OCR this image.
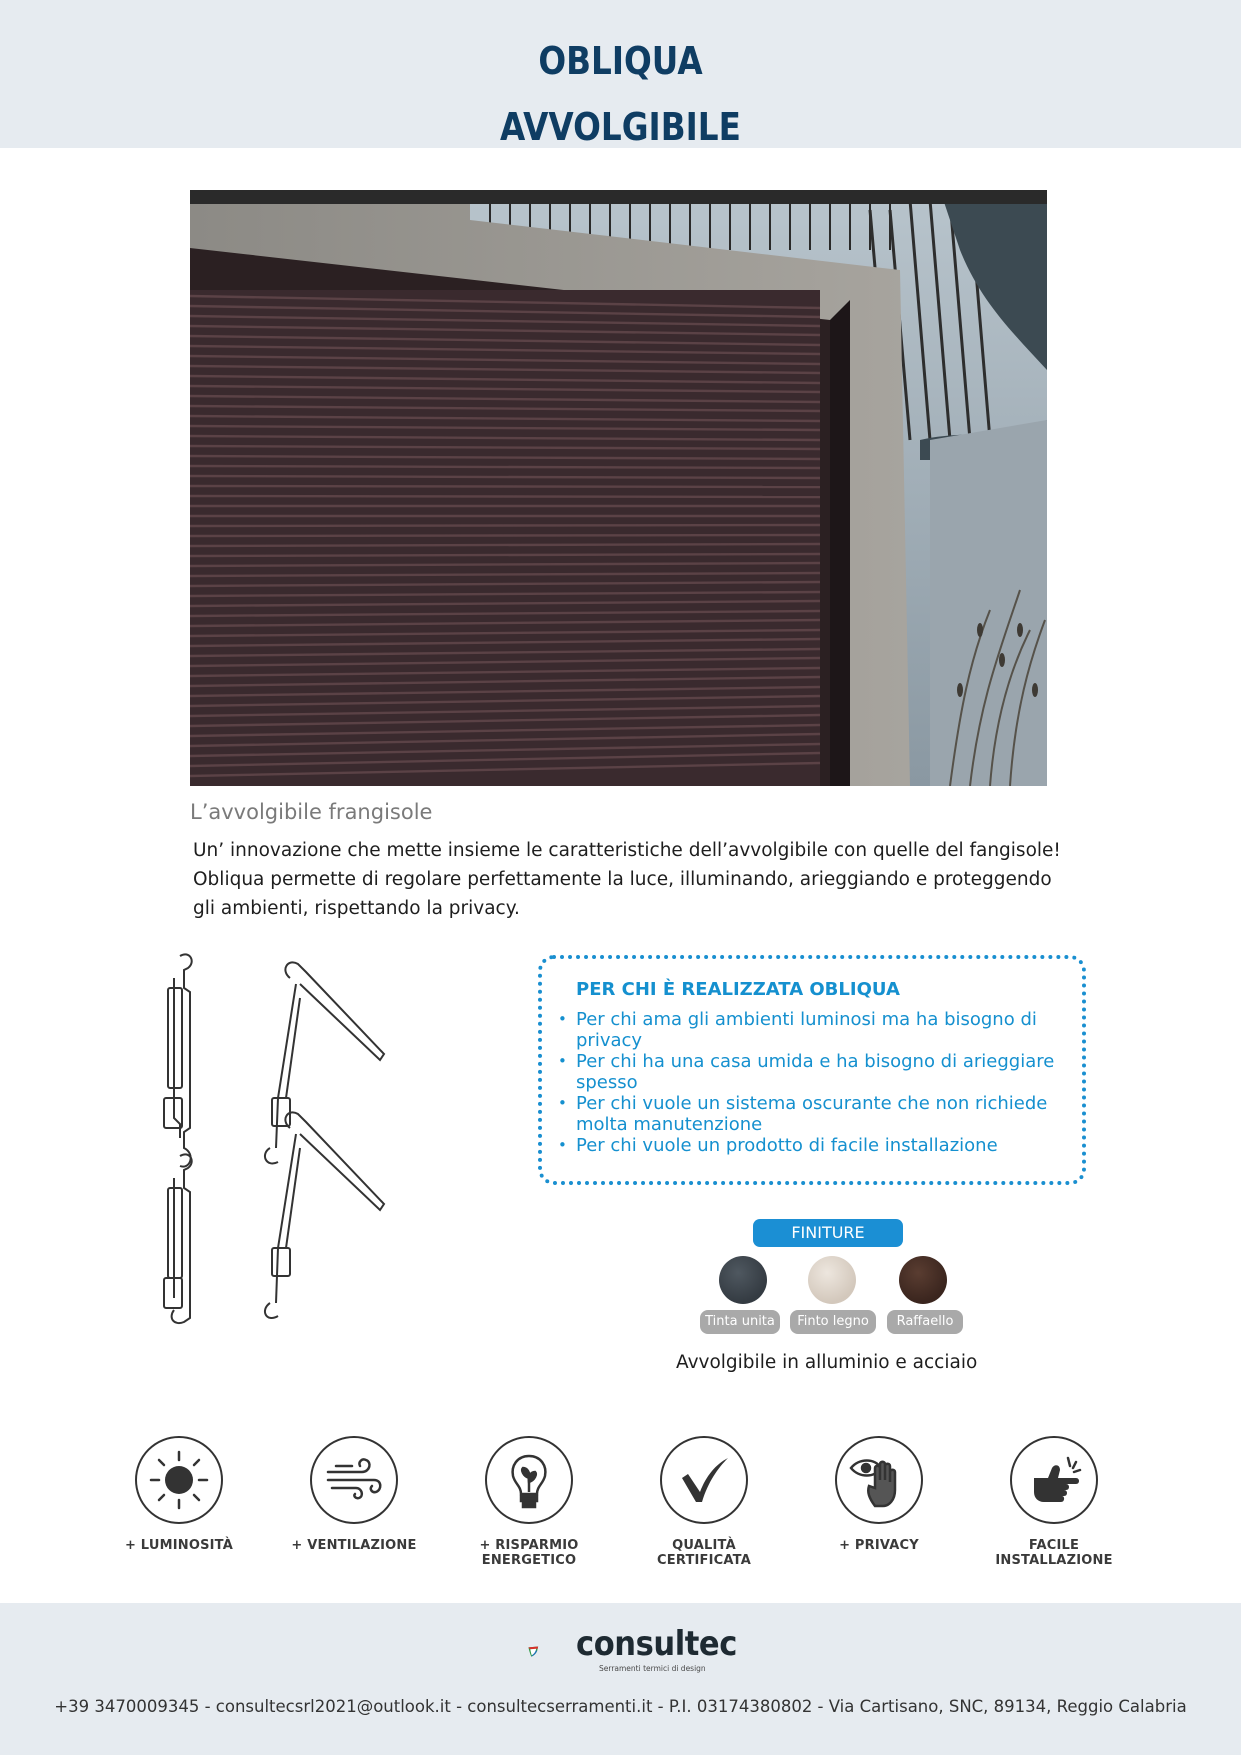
OBLIQUA
AVVOLGIBILE
L’avvolgibile frangisole
Un’ innovazione che mette insieme le caratteristiche dell’avvolgibile con quelle del fangisole! Obliqua permette di regolare perfettamente la luce, illuminando, arieggiando e proteggendo gli ambienti, rispettando la privacy.
PER CHI È REALIZZATA OBLIQUA
• Per chi ama gli ambienti luminosi ma ha bisogno di privacy
• Per chi ha una casa umida e ha bisogno di arieggiare spesso
• Per chi vuole un sistema oscurante che non richiede molta manutenzione
• Per chi vuole un prodotto di facile installazione
FINITURE
Tinta unita	Finto legno	Raffaello
Avvolgibile in alluminio e acciaio
+ LUMINOSITÀ	+ VENTILAZIONE	+ RISPARMIO
ENERGETICO
QUALITÀ
CERTIFICATA
+ PRIVACY	FACILE
INSTALLAZIONE
consultec
Serramenti termici di design
+39 3470009345 - consultecsrl2021@outlook.it - consultecserramenti.it - P.I. 03174380802 - Via Cartisano, SNC, 89134, Reggio Calabria
